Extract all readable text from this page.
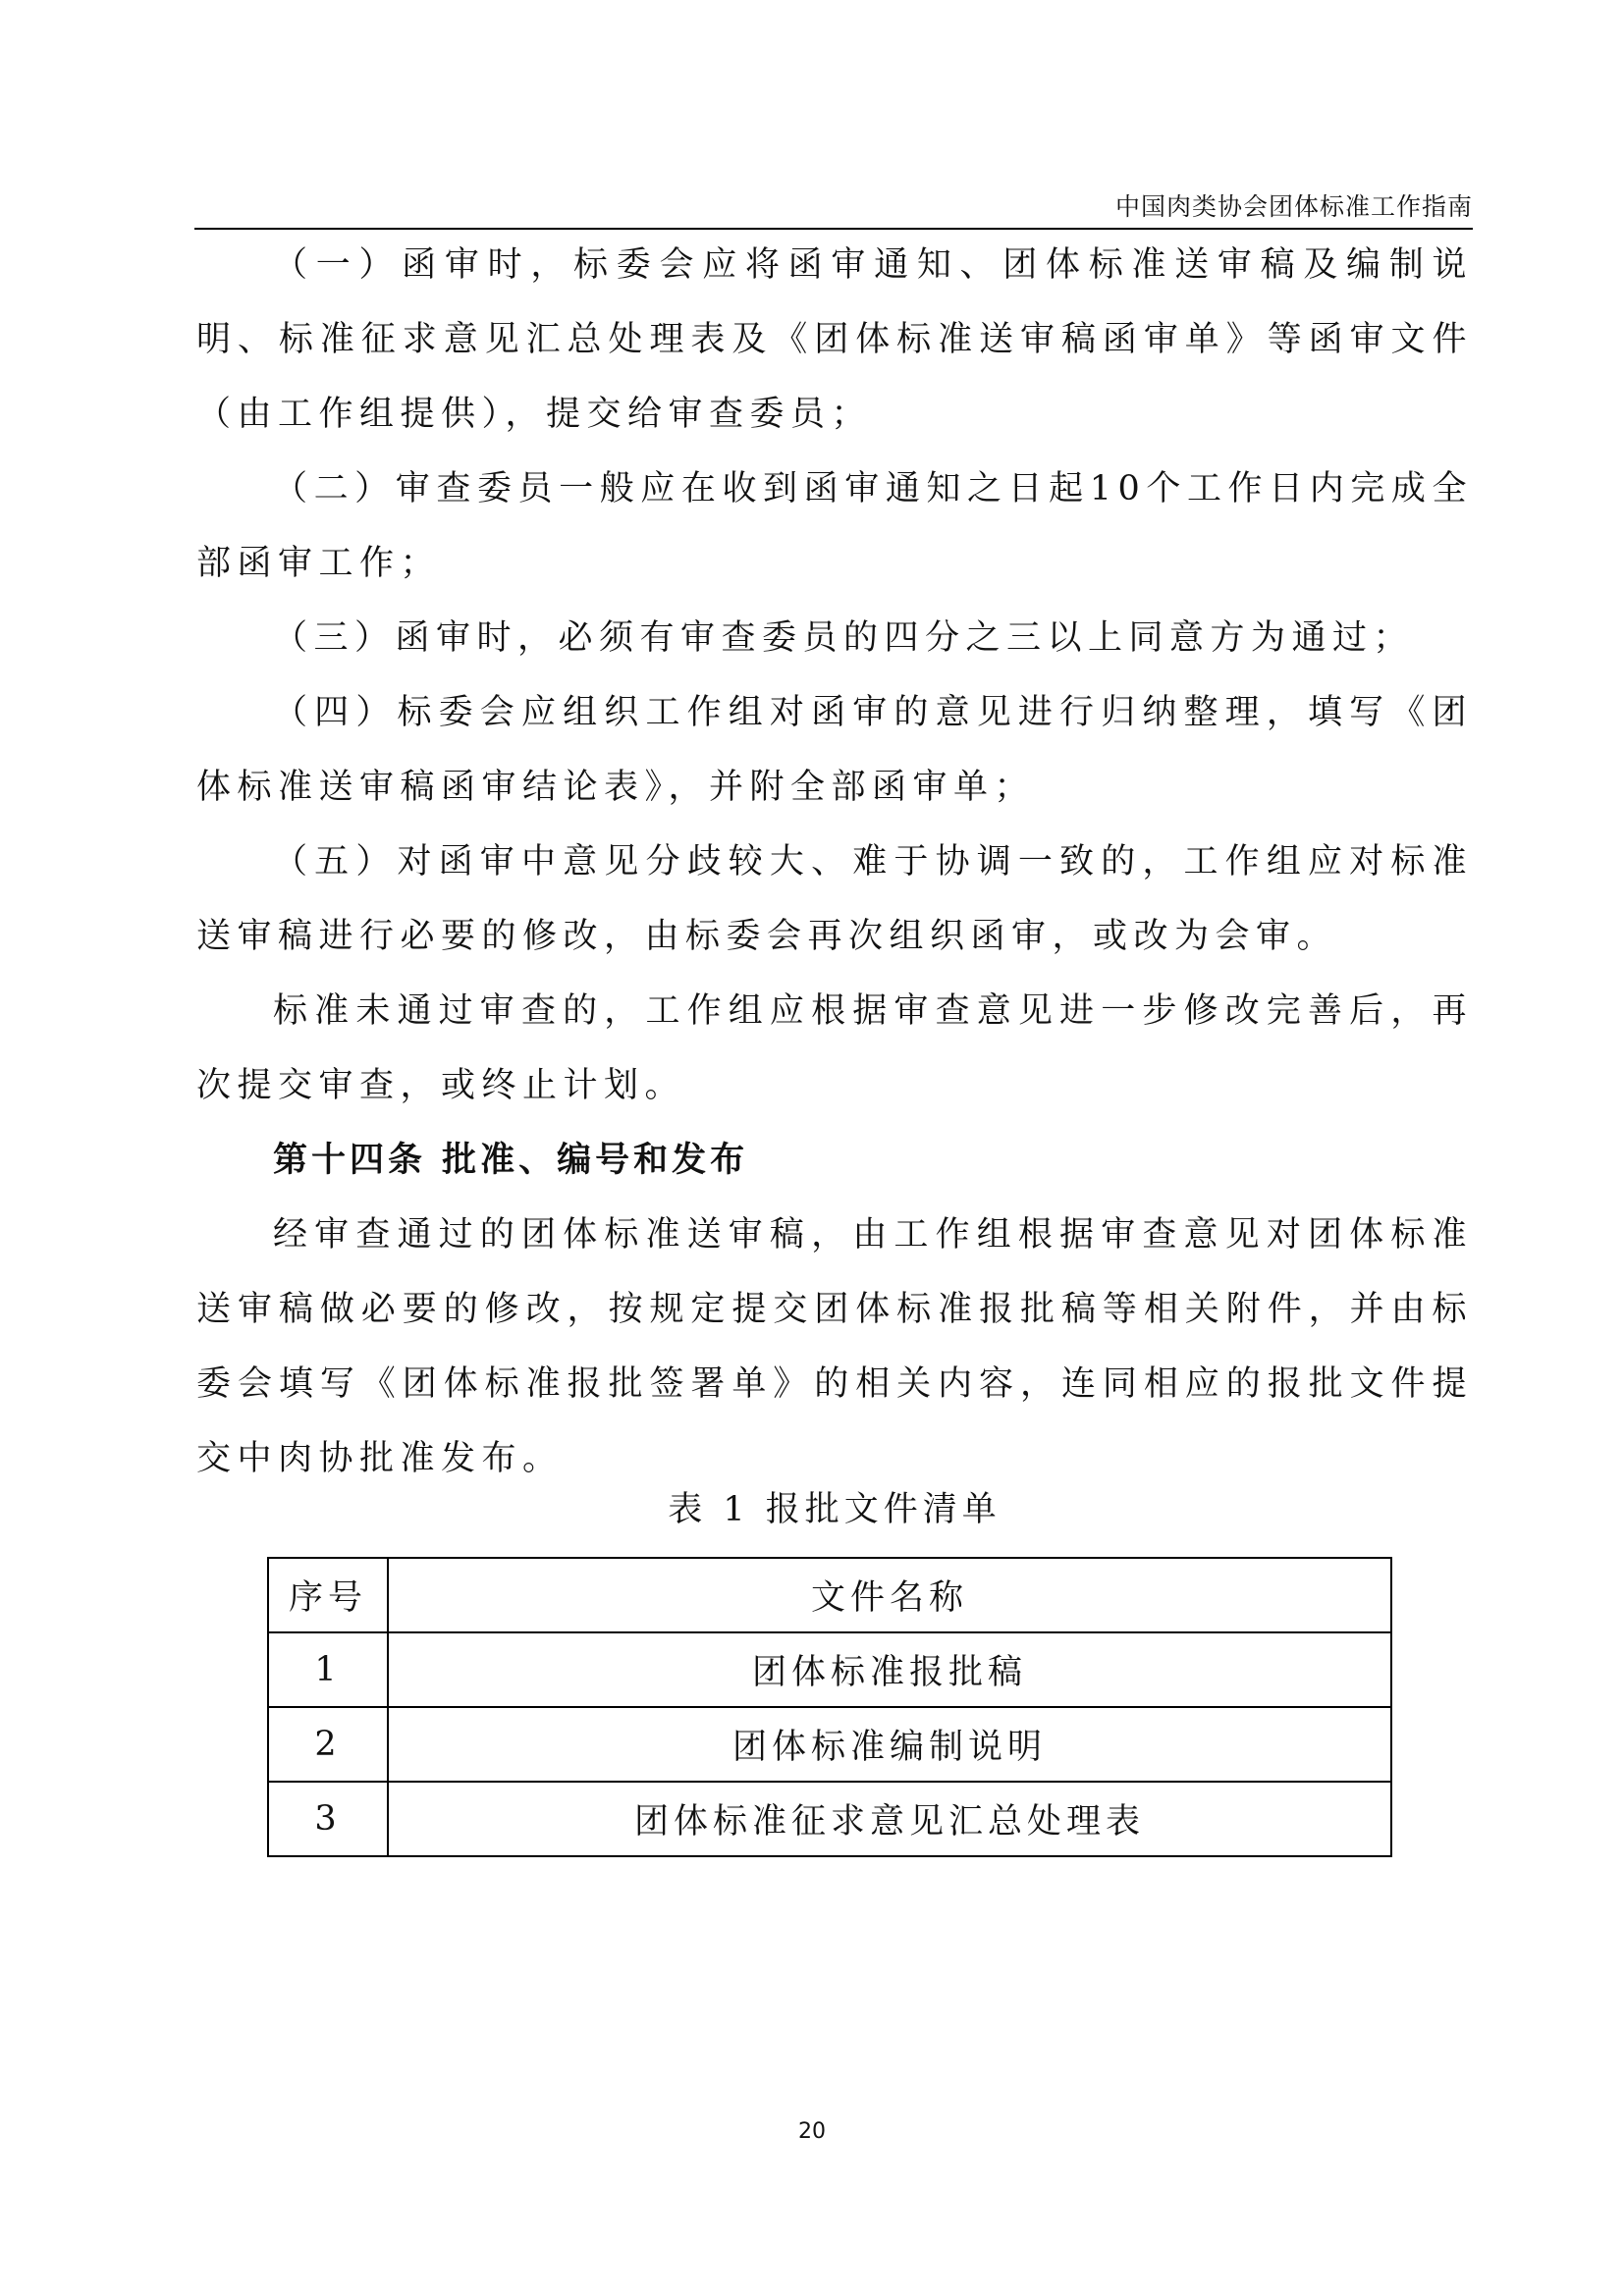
中国肉类协会团体标准工作指南

（一）函审时，标委会应将函审通知、团体标准送审稿及编制说明、标准征求意见汇总处理表及《团体标准送审稿函审单》等函审文件（由工作组提供），提交给审查委员；

（二）审查委员一般应在收到函审通知之日起10个工作日内完成全部函审工作；

（三）函审时，必须有审查委员的四分之三以上同意方为通过；

（四）标委会应组织工作组对函审的意见进行归纳整理，填写《团体标准送审稿函审结论表》，并附全部函审单；

（五）对函审中意见分歧较大、难于协调一致的，工作组应对标准送审稿进行必要的修改，由标委会再次组织函审，或改为会审。

标准未通过审查的，工作组应根据审查意见进一步修改完善后，再次提交审查，或终止计划。

第十四条 批准、编号和发布

经审查通过的团体标准送审稿，由工作组根据审查意见对团体标准送审稿做必要的修改，按规定提交团体标准报批稿等相关附件，并由标委会填写《团体标准报批签署单》的相关内容，连同相应的报批文件提交中肉协批准发布。

表 1 报批文件清单
序号	文件名称
1	团体标准报批稿
2	团体标准编制说明
3	团体标准征求意见汇总处理表
20
